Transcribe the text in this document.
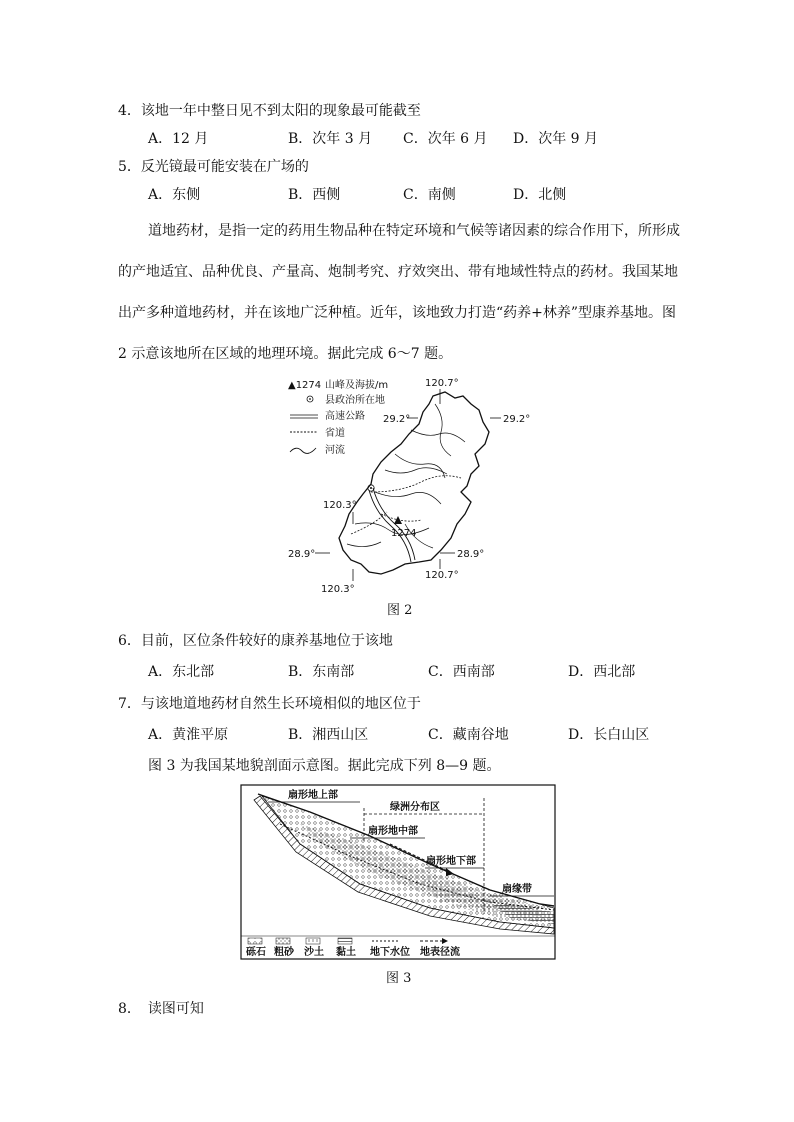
4．该地一年中整日见不到太阳的现象最可能截至
A．12 月	B．次年 3 月 C．次年 6 月 D．次年 9 月
5．反光镜最可能安装在广场的
A．东侧	B．西侧	C．南侧	D．北侧
道地药材，是指一定的药用生物品种在特定环境和气候等诸因素的综合作用下，所形成
的产地适宜、品种优良、产量高、炮制考究、疗效突出、带有地域性特点的药材。我国某地
出产多种道地药材，并在该地广泛种植。近年，该地致力打造“药养+林养”型康养基地。图
2 示意该地所在区域的地理环境。据此完成 6～7 题。
▲1274 山峰及海拔/m
县政治所在地
高速公路
省道
河流
120.7°
29.2°	29.2°
120.3°
28.9°	28.9°
120.7°
120.3°
1274
图 2
6．目前，区位条件较好的康养基地位于该地
A．东北部	B．东南部	C．西南部	D．西北部
7．与该地道地药材自然生长环境相似的地区位于
A．黄淮平原	B．湘西山区	C．藏南谷地	D．长白山区
图 3 为我国某地貌剖面示意图。据此完成下列 8—9 题。
扇形地上部
绿洲分布区
扇形地中部
扇形地下部
扇缘带
砾石 粗砂 沙土 黏土 地下水位 地表径流
图 3
8．　读图可知
